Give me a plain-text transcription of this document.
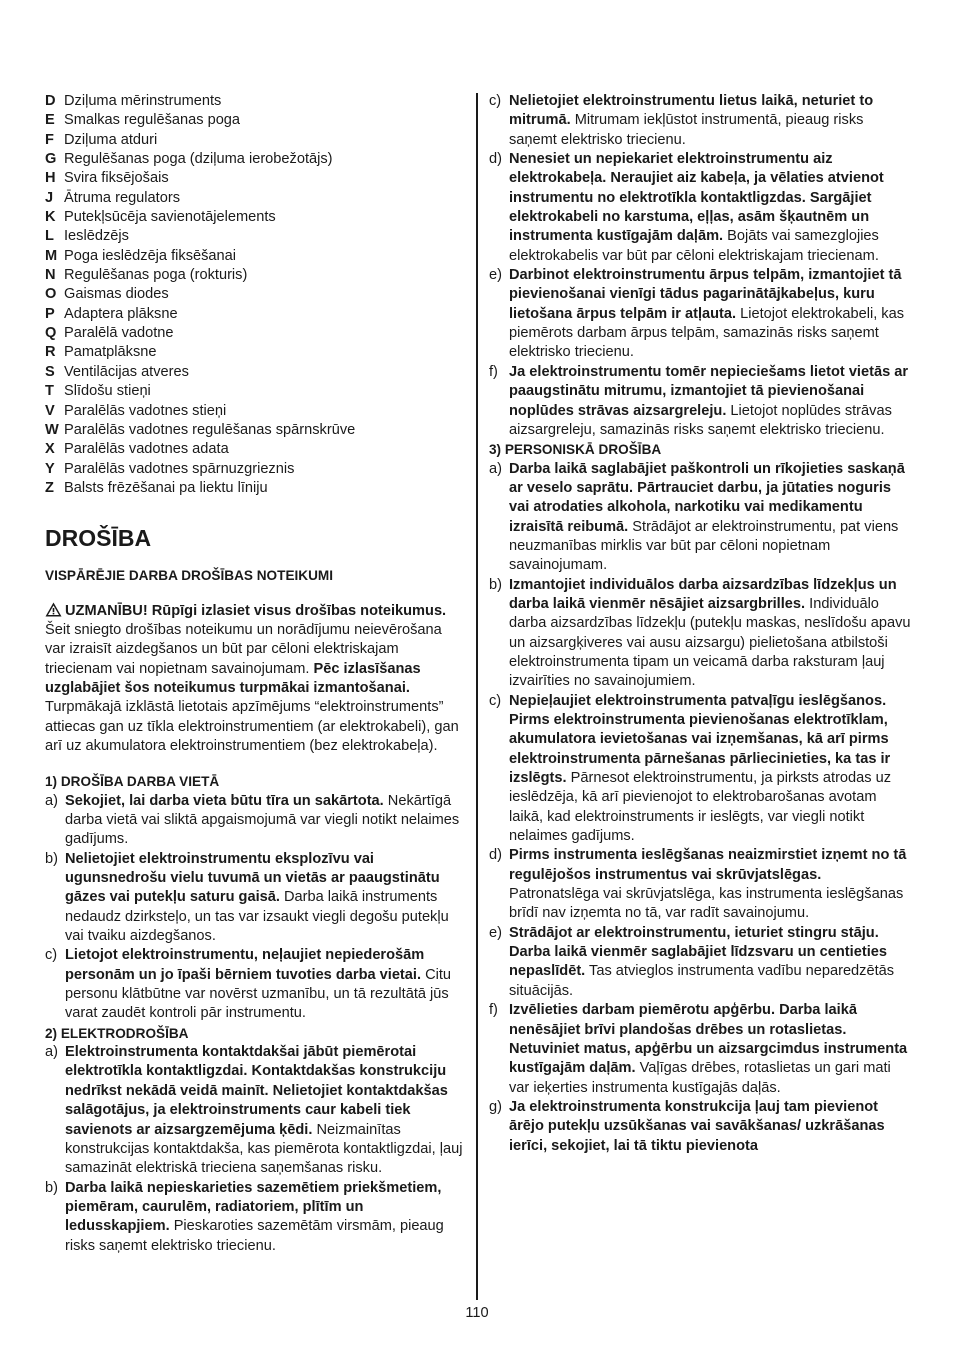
D Dziļuma mērinstruments
E Smalkas regulēšanas poga
F Dziļuma atduri
G Regulēšanas poga (dziļuma ierobežotājs)
H Svira fiksējošais
J Ātruma regulators
K Putekļsūcēja savienotājelements
L Ieslēdzējs
M Poga ieslēdzēja fiksēšanai
N Regulēšanas poga (rokturis)
O Gaismas diodes
P Adaptera plāksne
Q Paralēlā vadotne
R Pamatplāksne
S Ventilācijas atveres
T Slīdošu stieņi
V Paralēlās vadotnes stieņi
W Paralēlās vadotnes regulēšanas spārnskrūve
X Paralēlās vadotnes adata
Y Paralēlās vadotnes spārnuzgrieznis
Z Balsts frēzēšanai pa liektu līniju
DROŠĪBA
VISPĀRĒJIE DARBA DROŠĪBAS NOTEIKUMI
UZMANĪBU! Rūpīgi izlasiet visus drošības noteikumus. Šeit sniegto drošības noteikumu un norādījumu neievērošana var izraisīt aizdegšanos un būt par cēloni elektriskajam triecienam vai nopietnam savainojumam. Pēc izlasīšanas uzglabājiet šos noteikumus turpmākai izmantošanai. Turpmākajā izklāstā lietotais apzīmējums “elektroinstruments” attiecas gan uz tīkla elektroinstrumentiem (ar elektrokabeli), gan arī uz akumulatora elektroinstrumentiem (bez elektrokabeļa).
1) DROŠĪBA DARBA VIETĀ
a) Sekojiet, lai darba vieta būtu tīra un sakārtota. Nekārtīgā darba vietā vai sliktā apgaismojumā var viegli notikt nelaimes gadījums.
b) Nelietojiet elektroinstrumentu eksplozīvu vai ugunsnedrošu vielu tuvumā un vietās ar paaugstinātu gāzes vai putekļu saturu gaisā. Darba laikā instruments nedaudz dzirksteļo, un tas var izsaukt viegli degošu putekļu vai tvaiku aizdegšanos.
c) Lietojot elektroinstrumentu, neļaujiet nepiederošām personām un jo īpaši bērniem tuvoties darba vietai. Citu personu klātbūtne var novērst uzmanību, un tā rezultātā jūs varat zaudēt kontroli pār instrumentu.
2) ELEKTRODROŠĪBA
a) Elektroinstrumenta kontaktdakšai jābūt piemērotai elektrotīkla kontaktligzdai. Kontaktdakšas konstrukciju nedrīkst nekādā veidā mainīt. Nelietojiet kontaktdakšas salāgotājus, ja elektroinstruments caur kabeli tiek savienots ar aizsargzemējuma ķēdi. Neizmainītas konstrukcijas kontaktdakša, kas piemērota kontaktligzdai, ļauj samazināt elektriskā trieciena saņemšanas risku.
b) Darba laikā nepieskarieties sazemētiem priekšmetiem, piemēram, caurulēm, radiatoriem, plītīm un ledusskapjiem. Pieskaroties sazemētām virsmām, pieaug risks saņemt elektrisko triecienu.
c) Nelietojiet elektroinstrumentu lietus laikā, neturiet to mitrumā. Mitrumam iekļūstot instrumentā, pieaug risks saņemt elektrisko triecienu.
d) Nenesiet un nepiekariet elektroinstrumentu aiz elektrokabeļa. Neraujiet aiz kabeļa, ja vēlaties atvienot instrumentu no elektrotīkla kontaktligzdas. Sargājiet elektrokabeli no karstuma, eļļas, asām šķautnēm un instrumenta kustīgajām daļām. Bojāts vai samezglojies elektrokabelis var būt par cēloni elektriskajam triecienam.
e) Darbinot elektroinstrumentu ārpus telpām, izmantojiet tā pievienošanai vienīgi tādus pagarinātājkabeļus, kuru lietošana ārpus telpām ir atļauta. Lietojot elektrokabeli, kas piemērots darbam ārpus telpām, samazinās risks saņemt elektrisko triecienu.
f) Ja elektroinstrumentu tomēr nepieciešams lietot vietās ar paaugstinātu mitrumu, izmantojiet tā pievienošanai noplūdes strāvas aizsargreleju. Lietojot noplūdes strāvas aizsargreleju, samazinās risks saņemt elektrisko triecienu.
3) PERSONISKĀ DROŠĪBA
a) Darba laikā saglabājiet paškontroli un rīkojieties saskaņā ar veselo saprātu. Pārtrauciet darbu, ja jūtaties noguris vai atrodaties alkohola, narkotiku vai medikamentu izraisītā reibumā. Strādājot ar elektroinstrumentu, pat viens neuzmanības mirklis var būt par cēloni nopietnam savainojumam.
b) Izmantojiet individuālos darba aizsardzības līdzekļus un darba laikā vienmēr nēsājiet aizsargbrilles. Individuālo darba aizsardzības līdzekļu (putekļu maskas, neslīdošu apavu un aizsargķiveres vai ausu aizsargu) pielietošana atbilstoši elektroinstrumenta tipam un veicamā darba raksturam ļauj izvairīties no savainojumiem.
c) Nepieļaujiet elektroinstrumenta patvaļīgu ieslēgšanos. Pirms elektroinstrumenta pievienošanas elektrotīklam, akumulatora ievietošanas vai izņemšanas, kā arī pirms elektroinstrumenta pārnešanas pārliecinieties, ka tas ir izslēgts. Pārnesot elektroinstrumentu, ja pirksts atrodas uz ieslēdzēja, kā arī pievienojot to elektrobarošanas avotam laikā, kad elektroinstruments ir ieslēgts, var viegli notikt nelaimes gadījums.
d) Pirms instrumenta ieslēgšanas neaizmirstiet izņemt no tā regulējošos instrumentus vai skrūvjatslēgas. Patronatslēga vai skrūvjatslēga, kas instrumenta ieslēgšanas brīdī nav izņemta no tā, var radīt savainojumu.
e) Strādājot ar elektroinstrumentu, ieturiet stingru stāju. Darba laikā vienmēr saglabājiet līdzsvaru un centieties nepaslīdēt. Tas atvieglos instrumenta vadību neparedzētās situācijās.
f) Izvēlieties darbam piemērotu apģērbu. Darba laikā nenēsājiet brīvi plandošas drēbes un rotaslietas. Netuviniet matus, apģērbu un aizsargcimdus instrumenta kustīgajām daļām. Vaļīgas drēbes, rotaslietas un gari mati var ieķerties instrumenta kustīgajās daļās.
g) Ja elektroinstrumenta konstrukcija ļauj tam pievienot ārējo putekļu uzsūkšanas vai savākšanas/ uzkrāšanas ierīci, sekojiet, lai tā tiktu pievienota
110
